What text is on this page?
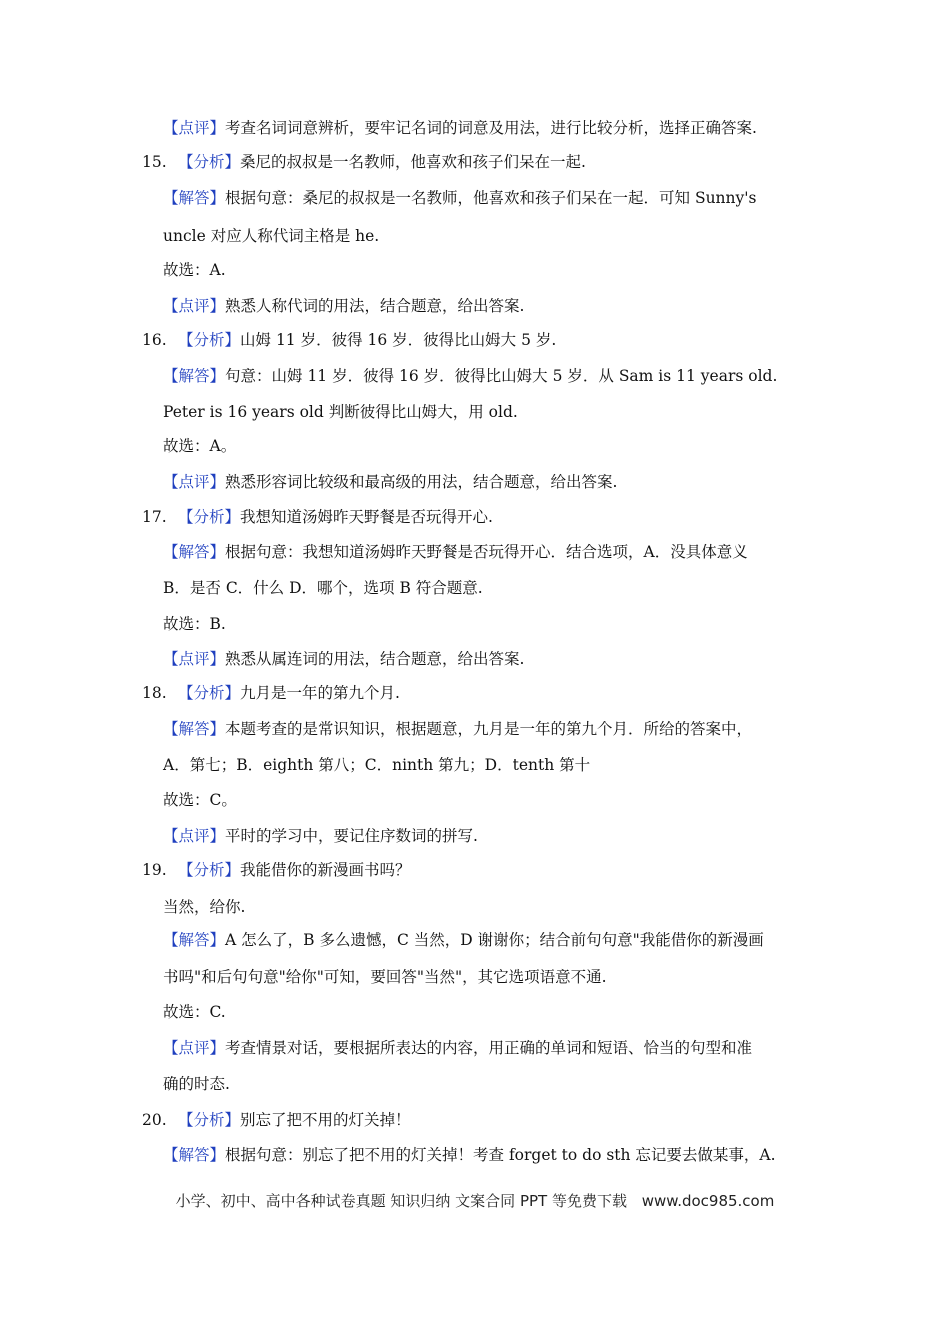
【点评】考查名词词意辨析，要牢记名词的词意及用法，进行比较分析，选择正确答案.
15. 【分析】桑尼的叔叔是一名教师，他喜欢和孩子们呆在一起.
【解答】根据句意：桑尼的叔叔是一名教师，他喜欢和孩子们呆在一起．可知 Sunny's
uncle 对应人称代词主格是 he.
故选：A.
【点评】熟悉人称代词的用法，结合题意，给出答案.
16. 【分析】山姆 11 岁．彼得 16 岁．彼得比山姆大 5 岁.
【解答】句意：山姆 11 岁．彼得 16 岁．彼得比山姆大 5 岁．从 Sam is 11 years old.
Peter is 16 years old 判断彼得比山姆大，用 old.
故选：A。
【点评】熟悉形容词比较级和最高级的用法，结合题意，给出答案.
17. 【分析】我想知道汤姆昨天野餐是否玩得开心.
【解答】根据句意：我想知道汤姆昨天野餐是否玩得开心．结合选项，A．没具体意义
B．是否 C．什么 D．哪个，选项 B 符合题意.
故选：B.
【点评】熟悉从属连词的用法，结合题意，给出答案.
18. 【分析】九月是一年的第九个月.
【解答】本题考查的是常识知识，根据题意，九月是一年的第九个月．所给的答案中，
A．第七；B．eighth 第八；C．ninth 第九；D．tenth 第十
故选：C。
【点评】平时的学习中，要记住序数词的拼写.
19. 【分析】我能借你的新漫画书吗？
当然，给你.
【解答】A 怎么了，B 多么遗憾，C 当然，D 谢谢你；结合前句句意"我能借你的新漫画
书吗"和后句句意"给你"可知，要回答"当然"，其它选项语意不通.
故选：C.
【点评】考查情景对话，要根据所表达的内容，用正确的单词和短语、恰当的句型和准
确的时态.
20. 【分析】别忘了把不用的灯关掉！
【解答】根据句意：别忘了把不用的灯关掉！考查 forget to do sth 忘记要去做某事，A.
小学、初中、高中各种试卷真题 知识归纳 文案合同 PPT 等免费下载 www.doc985.com
